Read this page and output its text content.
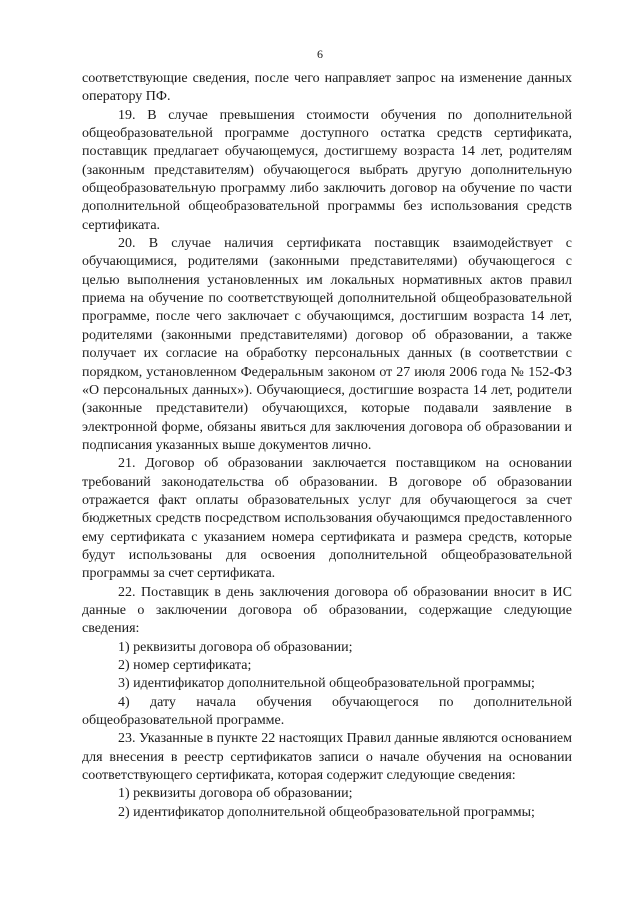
6

соответствующие сведения, после чего направляет запрос на изменение данных оператору ПФ.

19. В случае превышения стоимости обучения по дополнительной общеобразовательной программе доступного остатка средств сертификата, поставщик предлагает обучающемуся, достигшему возраста 14 лет, родителям (законным представителям) обучающегося выбрать другую дополнительную общеобразовательную программу либо заключить договор на обучение по части дополнительной общеобразовательной программы без использования средств сертификата.

20. В случае наличия сертификата поставщик взаимодействует с обучающимися, родителями (законными представителями) обучающегося с целью выполнения установленных им локальных нормативных актов правил приема на обучение по соответствующей дополнительной общеобразовательной программе, после чего заключает с обучающимся, достигшим возраста 14 лет, родителями (законными представителями) договор об образовании, а также получает их согласие на обработку персональных данных (в соответствии с порядком, установленном Федеральным законом от 27 июля 2006 года № 152-ФЗ «О персональных данных»). Обучающиеся, достигшие возраста 14 лет, родители (законные представители) обучающихся, которые подавали заявление в электронной форме, обязаны явиться для заключения договора об образовании и подписания указанных выше документов лично.

21. Договор об образовании заключается поставщиком на основании требований законодательства об образовании. В договоре об образовании отражается факт оплаты образовательных услуг для обучающегося за счет бюджетных средств посредством использования обучающимся предоставленного ему сертификата с указанием номера сертификата и размера средств, которые будут использованы для освоения дополнительной общеобразовательной программы за счет сертификата.

22. Поставщик в день заключения договора об образовании вносит в ИС данные о заключении договора об образовании, содержащие следующие сведения:

1) реквизиты договора об образовании;

2) номер сертификата;

3) идентификатор дополнительной общеобразовательной программы;

4) дату начала обучения обучающегося по дополнительной общеобразовательной программе.

23. Указанные в пункте 22 настоящих Правил данные являются основанием для внесения в реестр сертификатов записи о начале обучения на основании соответствующего сертификата, которая содержит следующие сведения:

1) реквизиты договора об образовании;

2) идентификатор дополнительной общеобразовательной программы;
